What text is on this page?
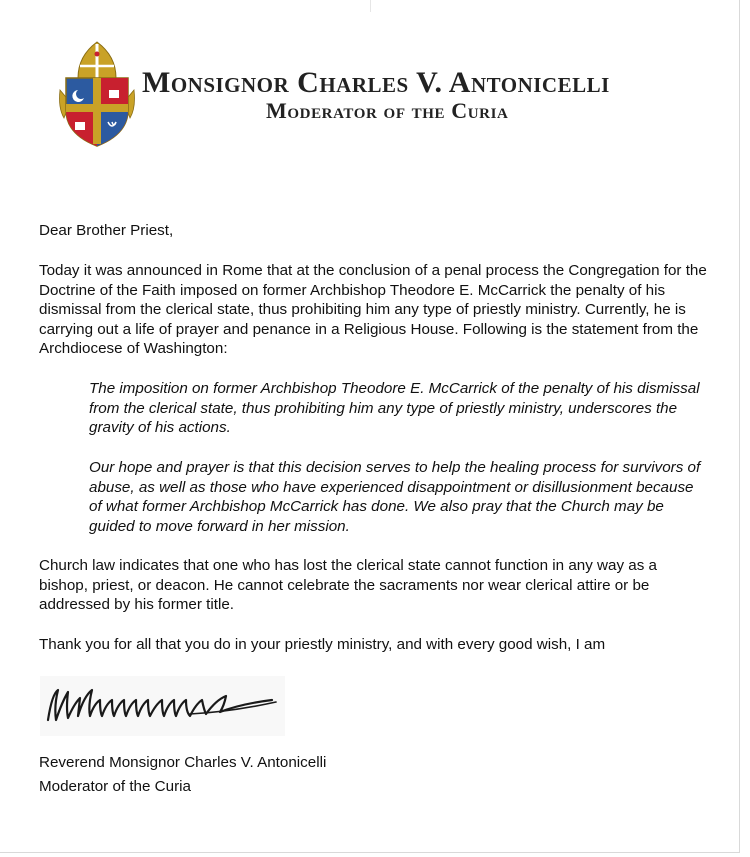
Monsignor Charles V. Antonicelli
Moderator of the Curia

Dear Brother Priest,

Today it was announced in Rome that at the conclusion of a penal process the Congregation for the Doctrine of the Faith imposed on former Archbishop Theodore E. McCarrick the penalty of his dismissal from the clerical state, thus prohibiting him any type of priestly ministry. Currently, he is carrying out a life of prayer and penance in a Religious House. Following is the statement from the Archdiocese of Washington:

The imposition on former Archbishop Theodore E. McCarrick of the penalty of his dismissal from the clerical state, thus prohibiting him any type of priestly ministry, underscores the gravity of his actions.

Our hope and prayer is that this decision serves to help the healing process for survivors of abuse, as well as those who have experienced disappointment or disillusionment because of what former Archbishop McCarrick has done. We also pray that the Church may be guided to move forward in her mission.

Church law indicates that one who has lost the clerical state cannot function in any way as a bishop, priest, or deacon. He cannot celebrate the sacraments nor wear clerical attire or be addressed by his former title.

Thank you for all that you do in your priestly ministry, and with every good wish, I am

Reverend Monsignor Charles V. Antonicelli

Moderator of the Curia
